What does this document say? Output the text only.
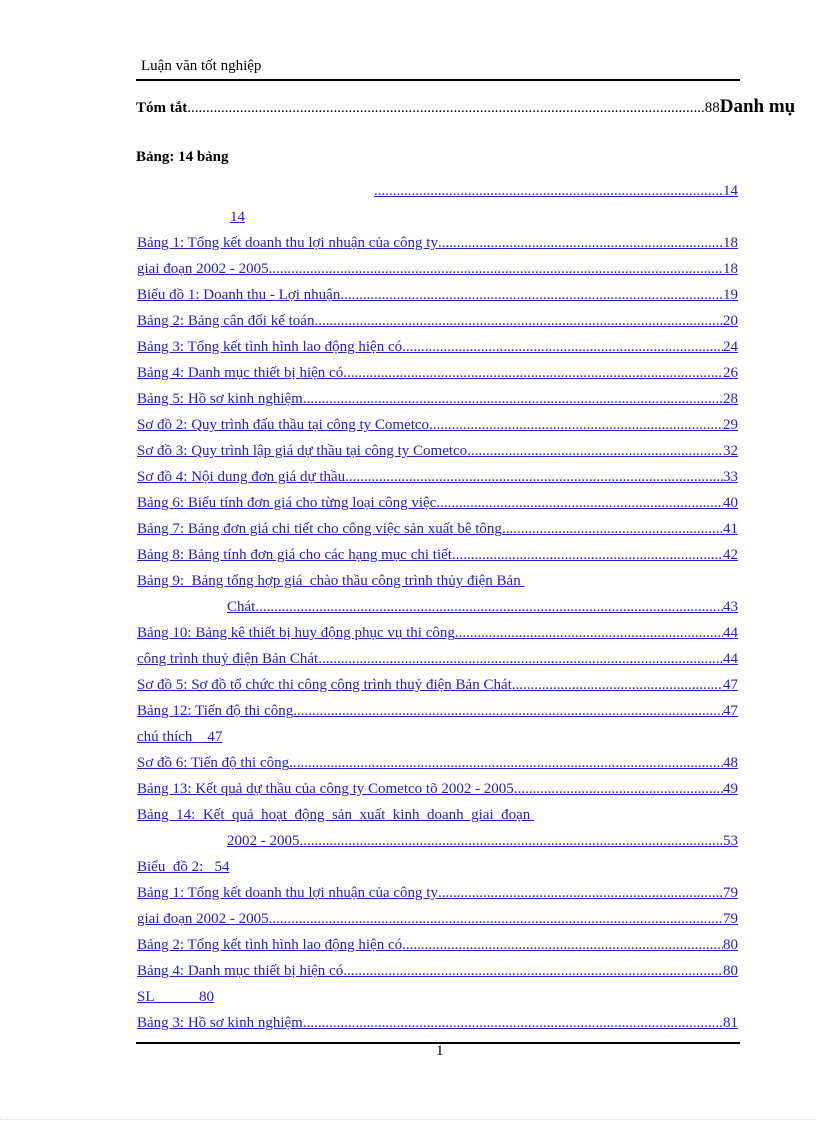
Luận văn tốt nghiệp
Tóm tắt..........................................................................................................................................88Danh mụ
Bảng: 14 bảng
.....
14
14
Bảng 1: Tổng kết doanh thu lợi nhuận của công ty .....	18
giai đoạn 2002 - 2005 .....	18
Biểu đồ 1: Doanh thu - Lợi nhuận .....	19
Bảng 2: Bảng cân đối kế toán .....	20
Bảng 3: Tổng kết tình hình lao động hiện có .....	24
Bảng 4: Danh mục thiết bị hiện có .....	26
Bảng 5: Hồ sơ kinh nghiệm .....	28
Sơ đồ 2: Quy trình đấu thầu tại công ty Cometco .....	29
Sơ đồ 3: Quy trình lập giá dự thầu tại công ty Cometco .....	32
Sơ đồ 4: Nội dung đơn giá dự thầu .....	33
Bảng 6: Biểu tính đơn giá cho từng loại công việc .....	40
Bảng 7: Bảng đơn giá chi tiết cho công việc sản xuất bê tông .....	41
Bảng 8: Bảng tính đơn giá cho các hạng mục chi tiết .....	42
Bảng 9:  Bảng tổng hợp giá  chào thầu công trình thủy điện Bản
Chát .....	43
Bảng 10: Bảng kê thiết bị huy động phục vụ thi công .....	44
công trình thuỷ điện Bản Chát .....	44
Sơ đồ 5: Sơ đồ tổ chức thi công công trình thuỷ điện Bản Chát .....	47
Bảng 12: Tiến độ thi công .....	47
chú thích    47
Sơ đồ 6: Tiến độ thi công .....	48
Bảng 13: Kết quả dự thầu của công ty Cometco tõ 2002 - 2005 .....	49
Bảng  14:  Kết  quả  hoạt  động  sản  xuất  kinh  doanh  giai  đoạn
2002 - 2005 .....	53
Biểu  đồ 2:   54
Bảng 1: Tổng kết doanh thu lợi nhuận của công ty .....	79
giai đoạn 2002 - 2005 .....	79
Bảng 2: Tổng kết tình hình lao động hiện có .....	80
Bảng 4: Danh mục thiết bị hiện có .....	80
SL            80
Bảng 3: Hồ sơ kinh nghiệm .....	81
1
